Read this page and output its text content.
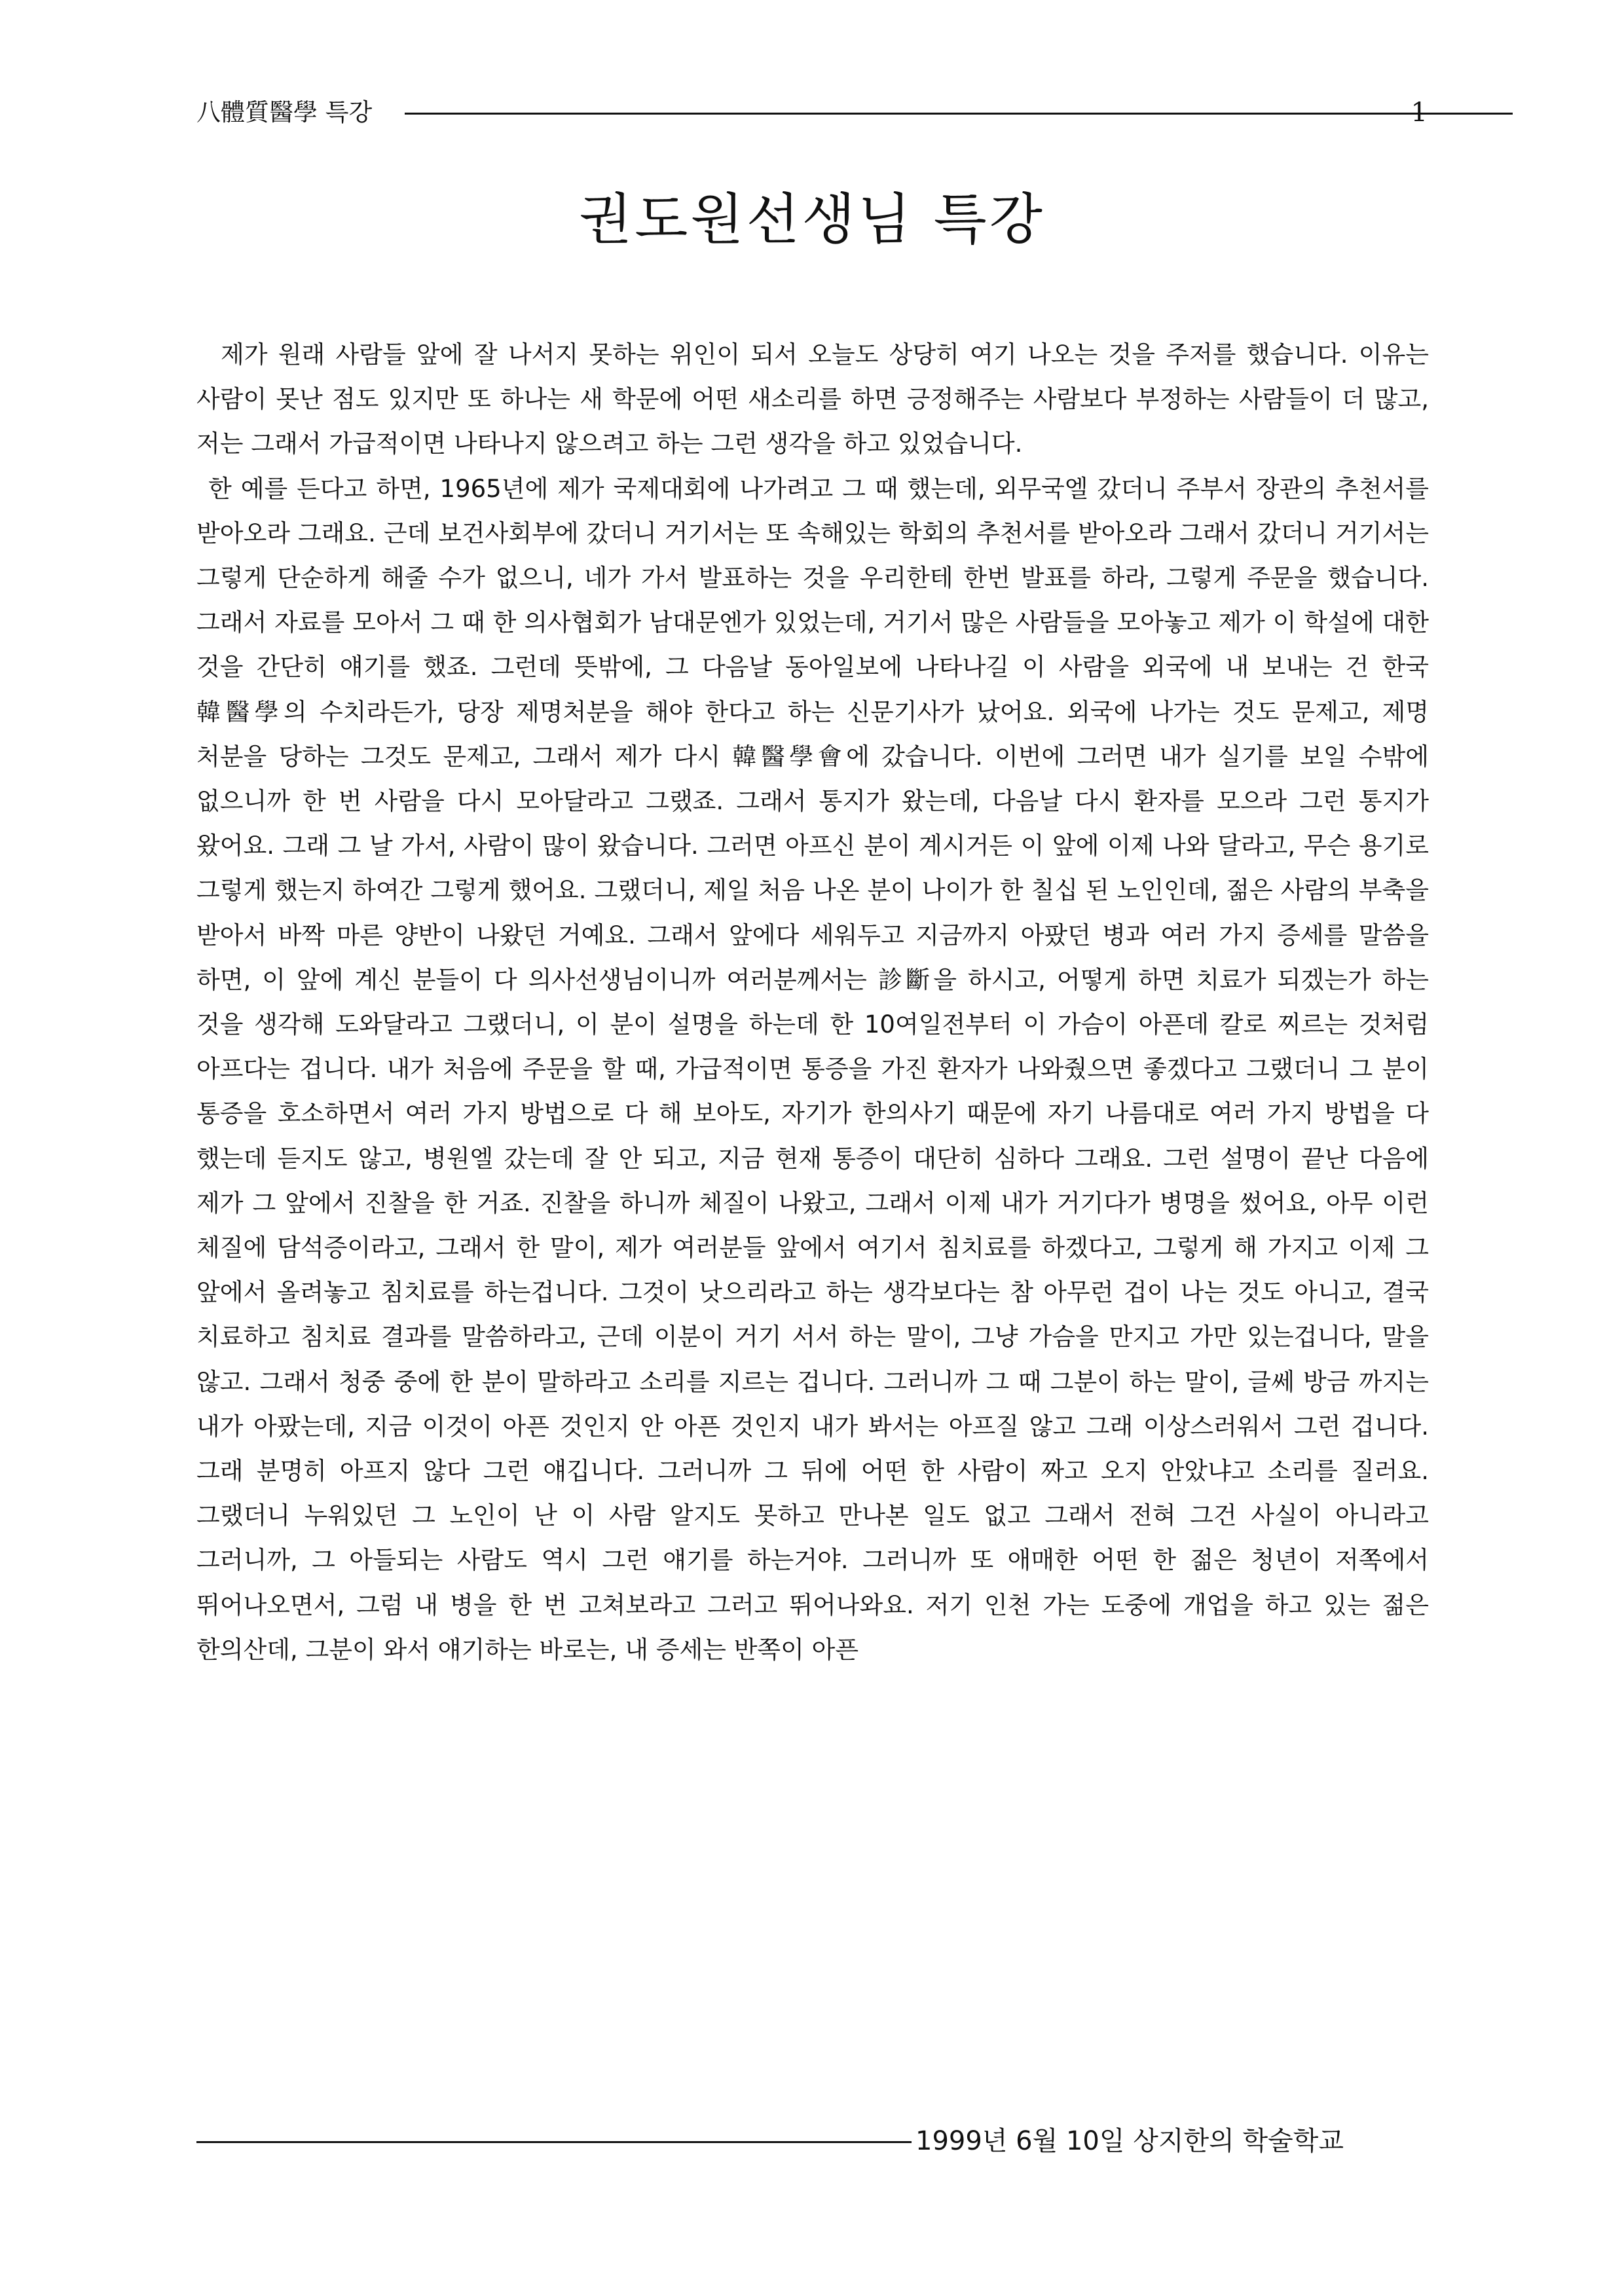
八體質醫學 특강	1
권도원선생님 특강

제가 원래 사람들 앞에 잘 나서지 못하는 위인이 되서 오늘도 상당히 여기 나오는 것을 주저를 했습니다. 이유는 사람이 못난 점도 있지만 또 하나는 새 학문에 어떤 새소리를 하면 긍정해주는 사람보다 부정하는 사람들이 더 많고, 저는 그래서 가급적이면 나타나지 않으려고 하는 그런 생각을 하고 있었습니다.

한 예를 든다고 하면, 1965년에 제가 국제대회에 나가려고 그 때 했는데, 외무국엘 갔더니 주부서 장관의 추천서를 받아오라 그래요. 근데 보건사회부에 갔더니 거기서는 또 속해있는 학회의 추천서를 받아오라 그래서 갔더니 거기서는 그렇게 단순하게 해줄 수가 없으니, 네가 가서 발표하는 것을 우리한테 한번 발표를 하라, 그렇게 주문을 했습니다. 그래서 자료를 모아서 그 때 한 의사협회가 남대문엔가 있었는데, 거기서 많은 사람들을 모아놓고 제가 이 학설에 대한 것을 간단히 얘기를 했죠. 그런데 뜻밖에, 그 다음날 동아일보에 나타나길 이 사람을 외국에 내 보내는 건 한국 韓醫學의 수치라든가, 당장 제명처분을 해야 한다고 하는 신문기사가 났어요. 외국에 나가는 것도 문제고, 제명 처분을 당하는 그것도 문제고, 그래서 제가 다시 韓醫學會에 갔습니다. 이번에 그러면 내가 실기를 보일 수밖에 없으니까 한 번 사람을 다시 모아달라고 그랬죠. 그래서 통지가 왔는데, 다음날 다시 환자를 모으라 그런 통지가 왔어요. 그래 그 날 가서, 사람이 많이 왔습니다. 그러면 아프신 분이 계시거든 이 앞에 이제 나와 달라고, 무슨 용기로 그렇게 했는지 하여간 그렇게 했어요. 그랬더니, 제일 처음 나온 분이 나이가 한 칠십 된 노인인데, 젊은 사람의 부축을 받아서 바짝 마른 양반이 나왔던 거예요. 그래서 앞에다 세워두고 지금까지 아팠던 병과 여러 가지 증세를 말씀을 하면, 이 앞에 계신 분들이 다 의사선생님이니까 여러분께서는 診斷을 하시고, 어떻게 하면 치료가 되겠는가 하는 것을 생각해 도와달라고 그랬더니, 이 분이 설명을 하는데 한 10여일전부터 이 가슴이 아픈데 칼로 찌르는 것처럼 아프다는 겁니다. 내가 처음에 주문을 할 때, 가급적이면 통증을 가진 환자가 나와줬으면 좋겠다고 그랬더니 그 분이 통증을 호소하면서 여러 가지 방법으로 다 해 보아도, 자기가 한의사기 때문에 자기 나름대로 여러 가지 방법을 다 했는데 듣지도 않고, 병원엘 갔는데 잘 안 되고, 지금 현재 통증이 대단히 심하다 그래요. 그런 설명이 끝난 다음에 제가 그 앞에서 진찰을 한 거죠. 진찰을 하니까 체질이 나왔고, 그래서 이제 내가 거기다가 병명을 썼어요, 아무 이런 체질에 담석증이라고, 그래서 한 말이, 제가 여러분들 앞에서 여기서 침치료를 하겠다고, 그렇게 해 가지고 이제 그 앞에서 올려놓고 침치료를 하는겁니다. 그것이 낫으리라고 하는 생각보다는 참 아무런 겁이 나는 것도 아니고, 결국 치료하고 침치료 결과를 말씀하라고, 근데 이분이 거기 서서 하는 말이, 그냥 가슴을 만지고 가만 있는겁니다, 말을 않고. 그래서 청중 중에 한 분이 말하라고 소리를 지르는 겁니다. 그러니까 그 때 그분이 하는 말이, 글쎄 방금 까지는 내가 아팠는데, 지금 이것이 아픈 것인지 안 아픈 것인지 내가 봐서는 아프질 않고 그래 이상스러워서 그런 겁니다. 그래 분명히 아프지 않다 그런 얘깁니다. 그러니까 그 뒤에 어떤 한 사람이 짜고 오지 안았냐고 소리를 질러요. 그랬더니 누워있던 그 노인이 난 이 사람 알지도 못하고 만나본 일도 없고 그래서 전혀 그건 사실이 아니라고 그러니까, 그 아들되는 사람도 역시 그런 얘기를 하는거야. 그러니까 또 애매한 어떤 한 젊은 청년이 저쪽에서 뛰어나오면서, 그럼 내 병을 한 번 고쳐보라고 그러고 뛰어나와요. 저기 인천 가는 도중에 개업을 하고 있는 젊은 한의산데, 그분이 와서 얘기하는 바로는, 내 증세는 반쪽이 아픈

1999년 6월 10일 상지한의 학술학교
